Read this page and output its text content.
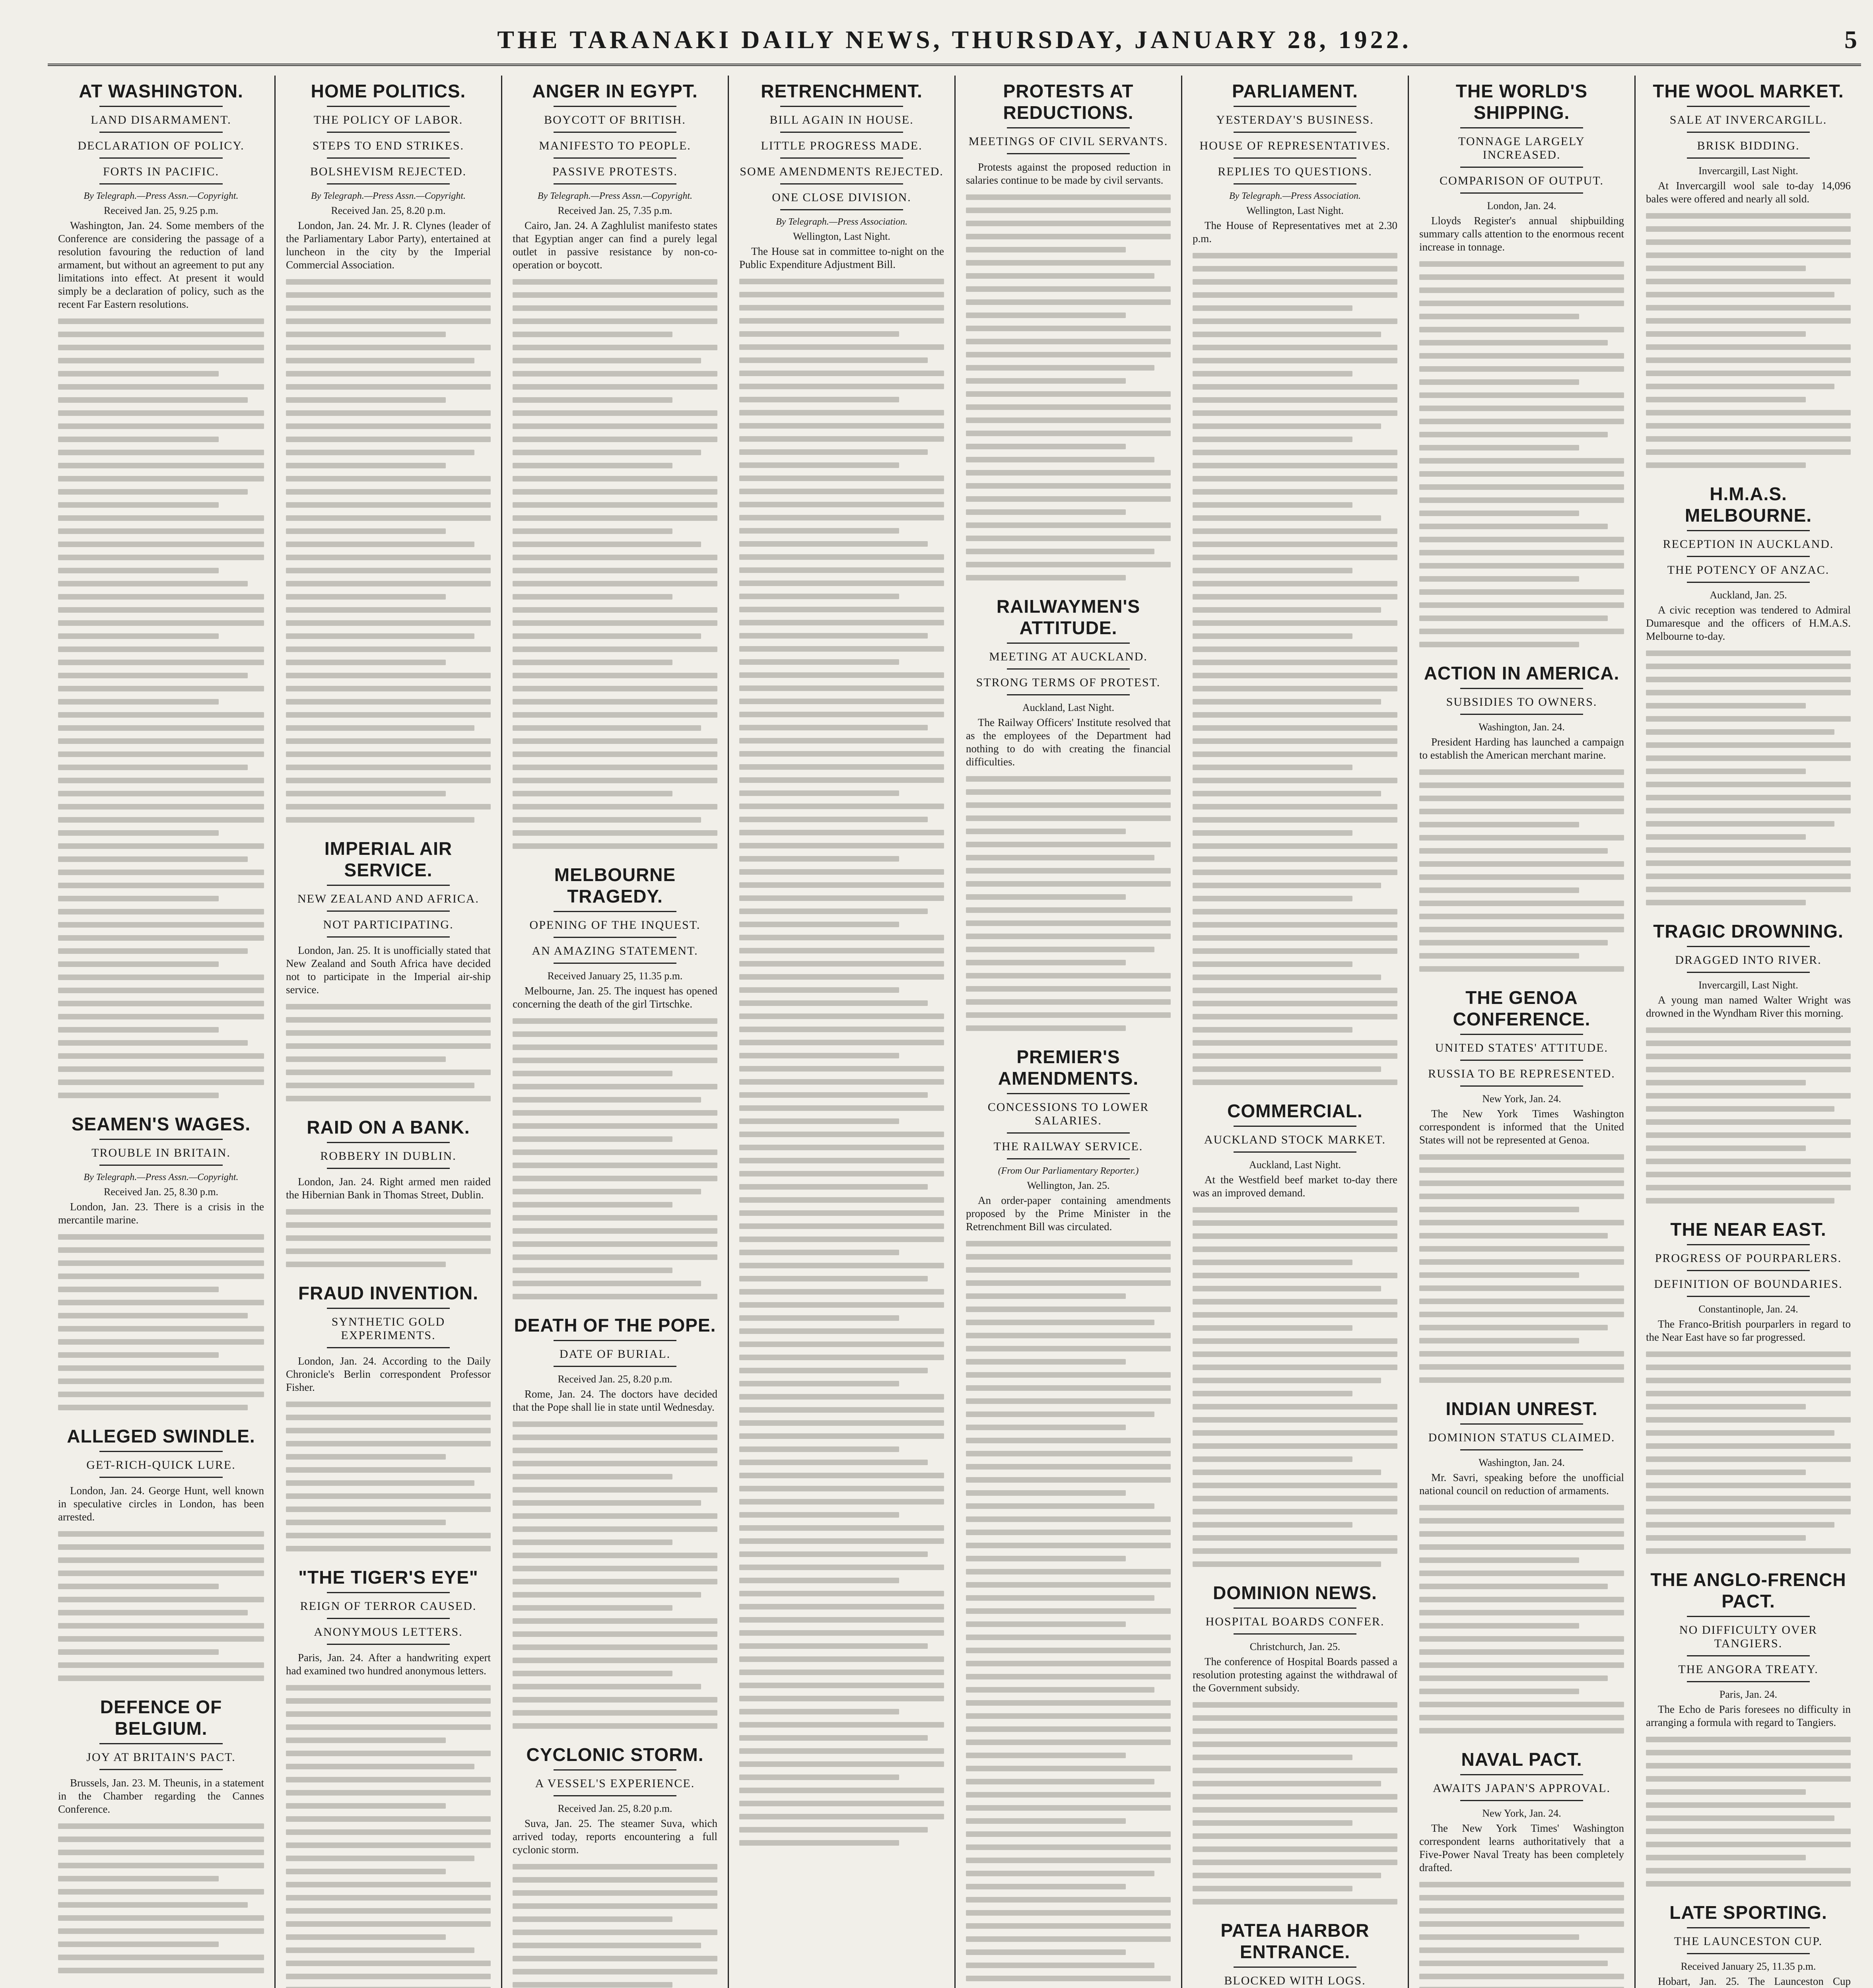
THE TARANAKI DAILY NEWS, THURSDAY, JANUARY 28, 1922.	5
AT WASHINGTON.
LAND DISARMAMENT.
DECLARATION OF POLICY.
FORTS IN PACIFIC.
By Telegraph.—Press Assn.—Copyright.
Received Jan. 25, 9.25 p.m.

Washington, Jan. 24. Some members of the Conference are considering the passage of a resolution favouring the reduction of land armament, but without an agreement to put any limitations into effect. At present it would simply be a declaration of policy, such as the recent Far Eastern resolutions.

SEAMEN'S WAGES.
TROUBLE IN BRITAIN.
By Telegraph.—Press Assn.—Copyright.
Received Jan. 25, 8.30 p.m.

London, Jan. 23. There is a crisis in the mercantile marine.

ALLEGED SWINDLE.
GET-RICH-QUICK LURE.

London, Jan. 24. George Hunt, well known in speculative circles in London, has been arrested.

DEFENCE OF BELGIUM.
JOY AT BRITAIN'S PACT.

Brussels, Jan. 23. M. Theunis, in a statement in the Chamber regarding the Cannes Conference.

HOME POLITICS.
THE POLICY OF LABOR.
STEPS TO END STRIKES.
BOLSHEVISM REJECTED.
By Telegraph.—Press Assn.—Copyright.
Received Jan. 25, 8.20 p.m.

London, Jan. 24. Mr. J. R. Clynes (leader of the Parliamentary Labor Party), entertained at luncheon in the city by the Imperial Commercial Association.

IMPERIAL AIR SERVICE.
NEW ZEALAND AND AFRICA.
NOT PARTICIPATING.

London, Jan. 25. It is unofficially stated that New Zealand and South Africa have decided not to participate in the Imperial air-ship service.

RAID ON A BANK.
ROBBERY IN DUBLIN.

London, Jan. 24. Right armed men raided the Hibernian Bank in Thomas Street, Dublin.

FRAUD INVENTION.
SYNTHETIC GOLD EXPERIMENTS.

London, Jan. 24. According to the Daily Chronicle's Berlin correspondent Professor Fisher.

"THE TIGER'S EYE"
REIGN OF TERROR CAUSED.
ANONYMOUS LETTERS.

Paris, Jan. 24. After a handwriting expert had examined two hundred anonymous letters.

ANGER IN EGYPT.
BOYCOTT OF BRITISH.
MANIFESTO TO PEOPLE.
PASSIVE PROTESTS.
By Telegraph.—Press Assn.—Copyright.
Received Jan. 25, 7.35 p.m.

Cairo, Jan. 24. A Zaghlulist manifesto states that Egyptian anger can find a purely legal outlet in passive resistance by non-co-operation or boycott.

MELBOURNE TRAGEDY.
OPENING OF THE INQUEST.
AN AMAZING STATEMENT.
Received January 25, 11.35 p.m.

Melbourne, Jan. 25. The inquest has opened concerning the death of the girl Tirtschke.

DEATH OF THE POPE.
DATE OF BURIAL.
Received Jan. 25, 8.20 p.m.

Rome, Jan. 24. The doctors have decided that the Pope shall lie in state until Wednesday.

CYCLONIC STORM.
A VESSEL'S EXPERIENCE.
Received Jan. 25, 8.20 p.m.

Suva, Jan. 25. The steamer Suva, which arrived today, reports encountering a full cyclonic storm.

RETRENCHMENT.
BILL AGAIN IN HOUSE.
LITTLE PROGRESS MADE.
SOME AMENDMENTS REJECTED.
ONE CLOSE DIVISION.
By Telegraph.—Press Association.
Wellington, Last Night.

The House sat in committee to-night on the Public Expenditure Adjustment Bill.

PROTESTS AT REDUCTIONS.
MEETINGS OF CIVIL SERVANTS.

Protests against the proposed reduction in salaries continue to be made by civil servants.

RAILWAYMEN'S ATTITUDE.
MEETING AT AUCKLAND.
STRONG TERMS OF PROTEST.
Auckland, Last Night.

The Railway Officers' Institute resolved that as the employees of the Department had nothing to do with creating the financial difficulties.

PREMIER'S AMENDMENTS.
CONCESSIONS TO LOWER SALARIES.
THE RAILWAY SERVICE.
(From Our Parliamentary Reporter.)
Wellington, Jan. 25.

An order-paper containing amendments proposed by the Prime Minister in the Retrenchment Bill was circulated.

PARLIAMENT.
YESTERDAY'S BUSINESS.
HOUSE OF REPRESENTATIVES.
REPLIES TO QUESTIONS.
By Telegraph.—Press Association.
Wellington, Last Night.

The House of Representatives met at 2.30 p.m.

COMMERCIAL.
AUCKLAND STOCK MARKET.
Auckland, Last Night.

At the Westfield beef market to-day there was an improved demand.

DOMINION NEWS.
HOSPITAL BOARDS CONFER.
Christchurch, Jan. 25.

The conference of Hospital Boards passed a resolution protesting against the withdrawal of the Government subsidy.

PATEA HARBOR ENTRANCE.
BLOCKED WITH LOGS.

THE WORLD'S SHIPPING.
TONNAGE LARGELY INCREASED.
COMPARISON OF OUTPUT.
London, Jan. 24.

Lloyds Register's annual shipbuilding summary calls attention to the enormous recent increase in tonnage.

ACTION IN AMERICA.
SUBSIDIES TO OWNERS.
Washington, Jan. 24.

President Harding has launched a campaign to establish the American merchant marine.

THE GENOA CONFERENCE.
UNITED STATES' ATTITUDE.
RUSSIA TO BE REPRESENTED.
New York, Jan. 24.

The New York Times Washington correspondent is informed that the United States will not be represented at Genoa.

INDIAN UNREST.
DOMINION STATUS CLAIMED.
Washington, Jan. 24.

Mr. Savri, speaking before the unofficial national council on reduction of armaments.

NAVAL PACT.
AWAITS JAPAN'S APPROVAL.
New York, Jan. 24.

The New York Times' Washington correspondent learns authoritatively that a Five-Power Naval Treaty has been completely drafted.

THE WOOL MARKET.
SALE AT INVERCARGILL.
BRISK BIDDING.
Invercargill, Last Night.

At Invercargill wool sale to-day 14,096 bales were offered and nearly all sold.

H.M.A.S. MELBOURNE.
RECEPTION IN AUCKLAND.
THE POTENCY OF ANZAC.
Auckland, Jan. 25.

A civic reception was tendered to Admiral Dumaresque and the officers of H.M.A.S. Melbourne to-day.

TRAGIC DROWNING.
DRAGGED INTO RIVER.
Invercargill, Last Night.

A young man named Walter Wright was drowned in the Wyndham River this morning.

THE NEAR EAST.
PROGRESS OF POURPARLERS.
DEFINITION OF BOUNDARIES.
Constantinople, Jan. 24.

The Franco-British pourparlers in regard to the Near East have so far progressed.

THE ANGLO-FRENCH PACT.
NO DIFFICULTY OVER TANGIERS.
THE ANGORA TREATY.
Paris, Jan. 24.

The Echo de Paris foresees no difficulty in arranging a formula with regard to Tangiers.

LATE SPORTING.
THE LAUNCESTON CUP.
Received January 25, 11.35 p.m.

Hobart, Jan. 25. The Launceston Cup
